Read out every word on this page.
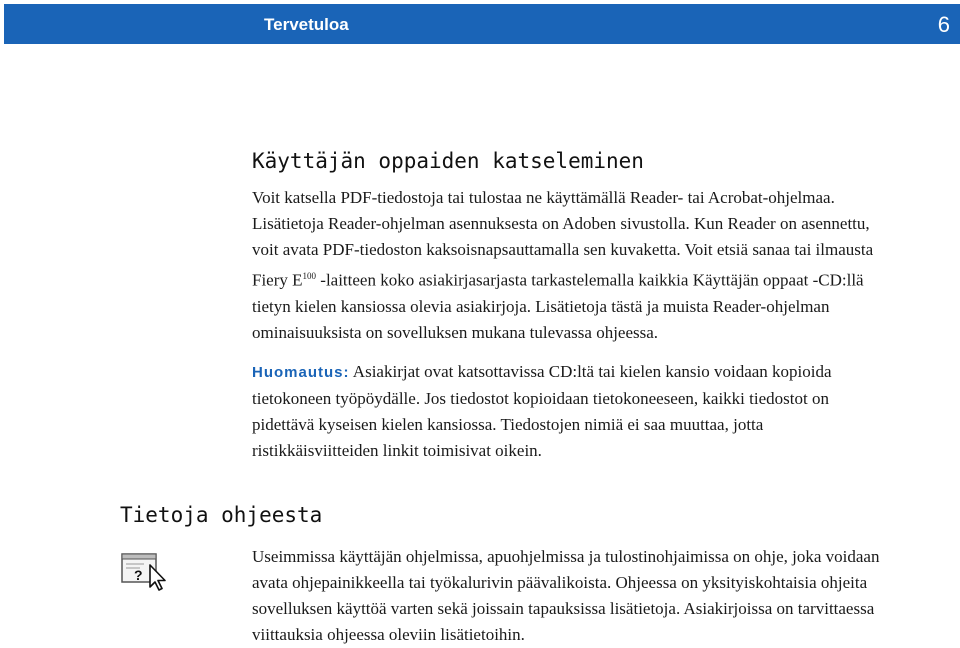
Tervetuloa	6
Käyttäjän oppaiden katseleminen
Voit katsella PDF-tiedostoja tai tulostaa ne käyttämällä Reader- tai Acrobat-ohjelmaa.
Lisätietoja Reader-ohjelman asennuksesta on Adoben sivustolla. Kun Reader on asennettu,
voit avata PDF-tiedoston kaksoisnapsauttamalla sen kuvaketta. Voit etsiä sanaa tai ilmausta
Fiery $E^{100}$ -laitteen koko asiakirjasarjasta tarkastelemalla kaikkia Käyttäjän oppaat -CD:llä
tietyn kielen kansiossa olevia asiakirjoja. Lisätietoja tästä ja muista Reader-ohjelman
ominaisuuksista on sovelluksen mukana tulevassa ohjeessa.
Huomautus: Asiakirjat ovat katsottavissa CD:ltä tai kielen kansio voidaan kopioida
tietokoneen työpöydälle. Jos tiedostot kopioidaan tietokoneeseen, kaikki tiedostot on
pidettävä kyseisen kielen kansiossa. Tiedostojen nimiä ei saa muuttaa, jotta
ristikkäisviitteiden linkit toimisivat oikein.
Tietoja ohjeesta
?
Useimmissa käyttäjän ohjelmissa, apuohjelmissa ja tulostinohjaimissa on ohje, joka voidaan
avata ohjepainikkeella tai työkalurivin päävalikoista. Ohjeessa on yksityiskohtaisia ohjeita
sovelluksen käyttöä varten sekä joissain tapauksissa lisätietoja. Asiakirjoissa on tarvittaessa
viittauksia ohjeessa oleviin lisätietoihin.
